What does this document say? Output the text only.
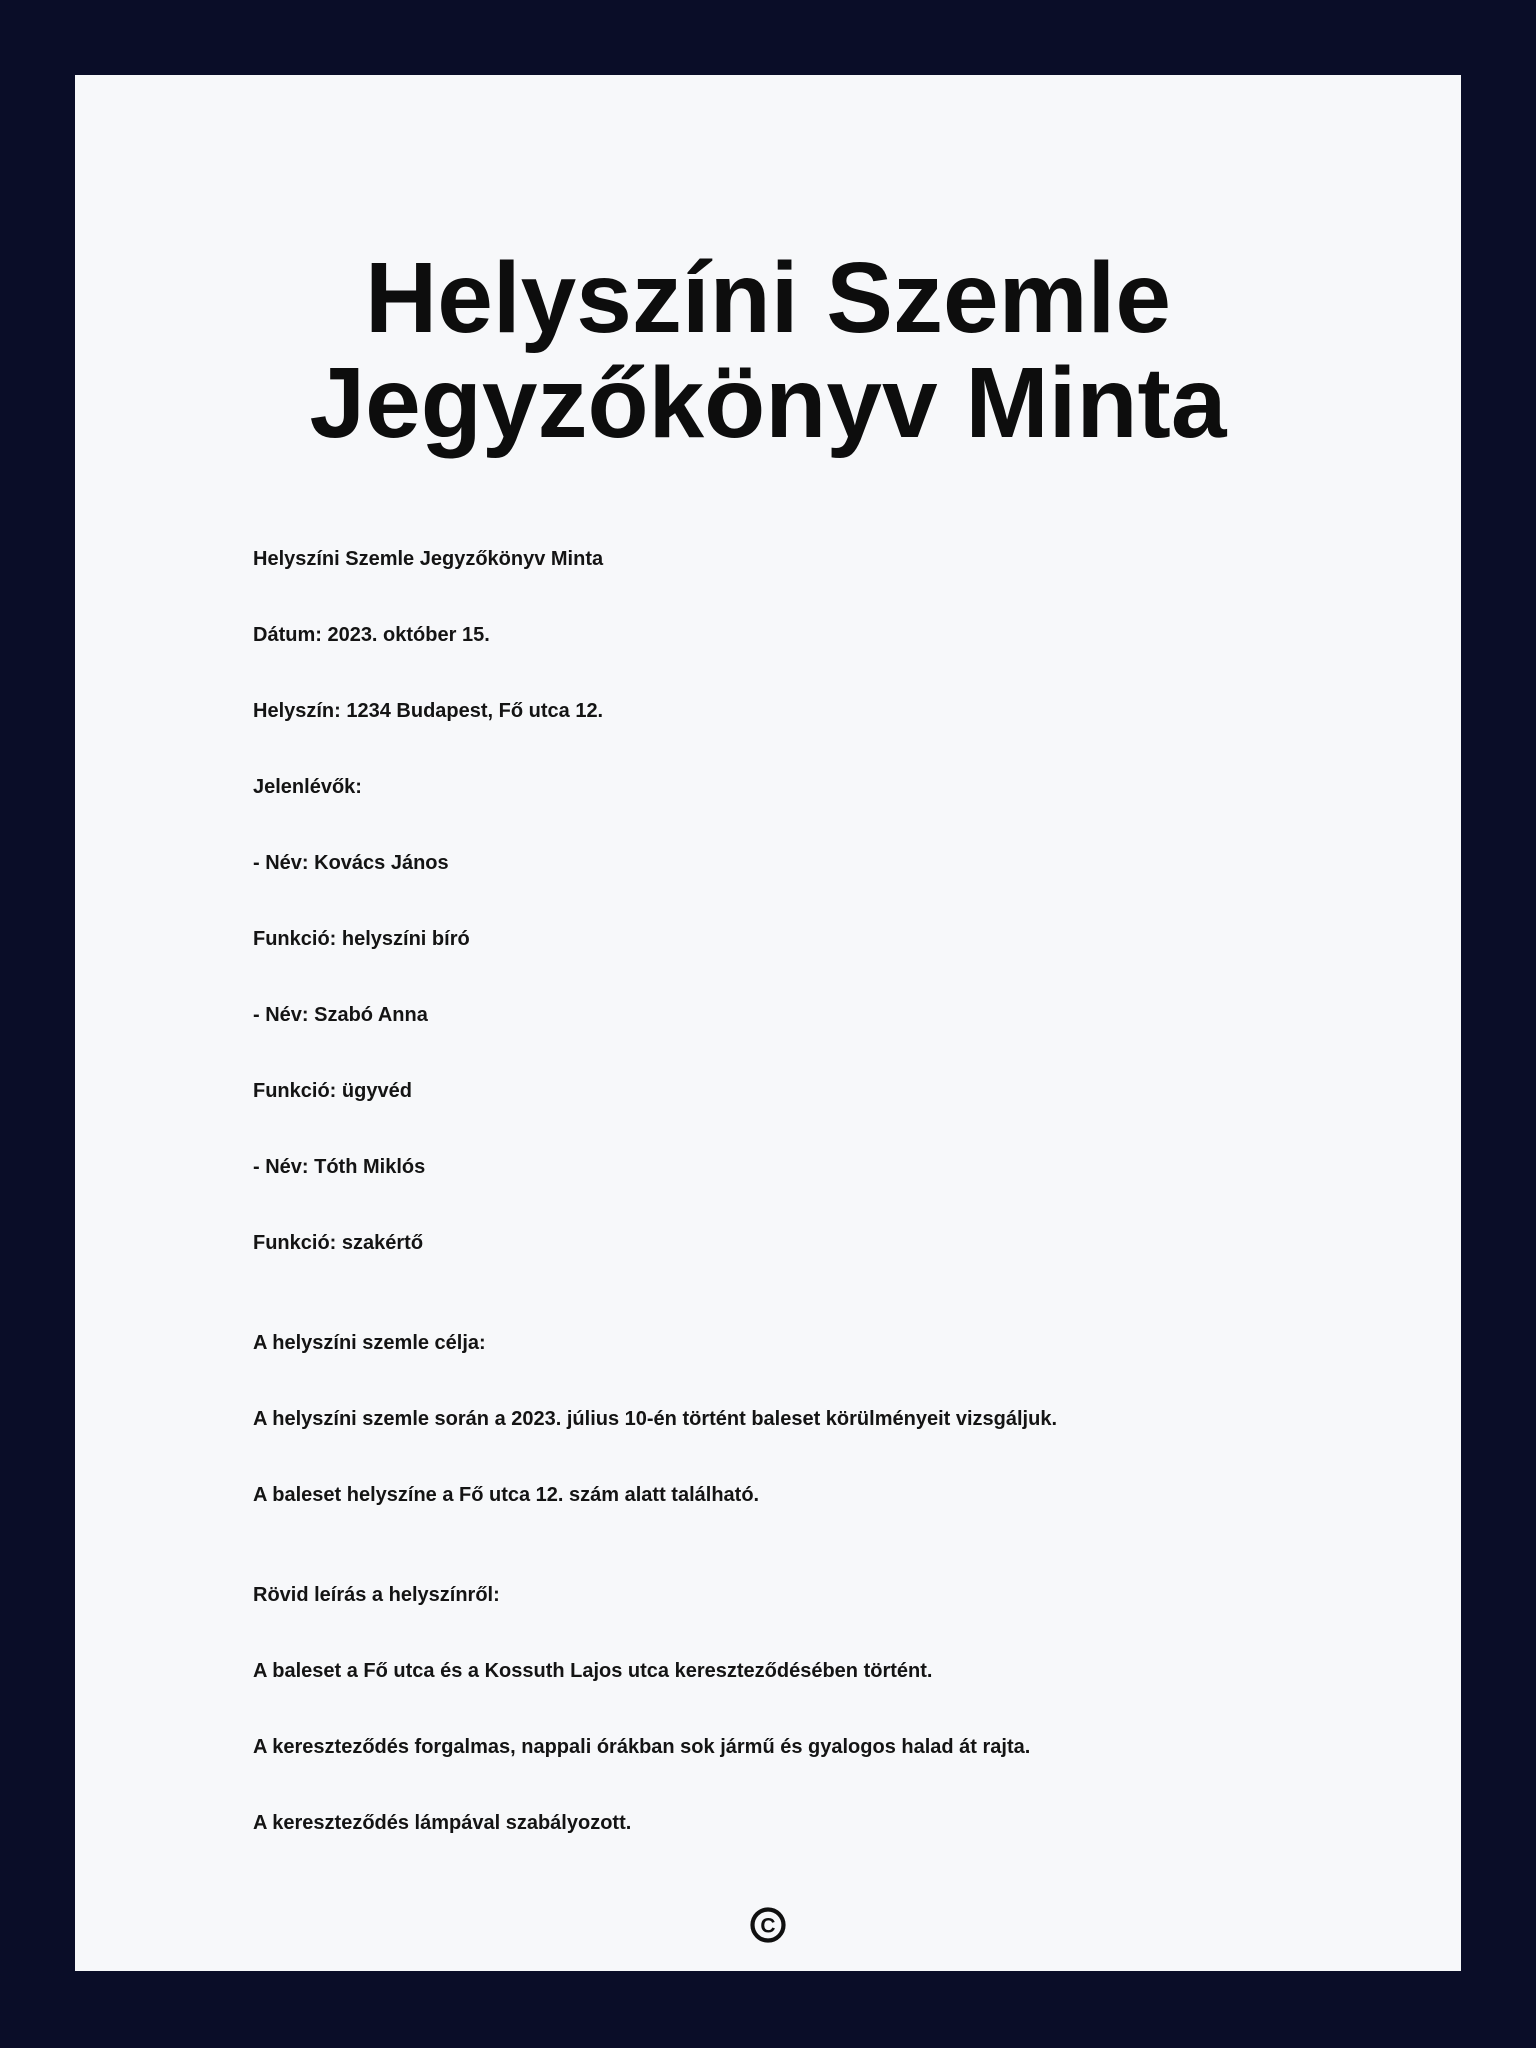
Helyszíni Szemle Jegyzőkönyv Minta

Helyszíni Szemle Jegyzőkönyv Minta

Dátum: 2023. október 15.

Helyszín: 1234 Budapest, Fő utca 12.

Jelenlévők:

- Név: Kovács János

Funkció: helyszíni bíró

- Név: Szabó Anna

Funkció: ügyvéd

- Név: Tóth Miklós

Funkció: szakértő

A helyszíni szemle célja:

A helyszíni szemle során a 2023. július 10-én történt baleset körülményeit vizsgáljuk.

A baleset helyszíne a Fő utca 12. szám alatt található.

Rövid leírás a helyszínről:

A baleset a Fő utca és a Kossuth Lajos utca kereszteződésében történt.

A kereszteződés forgalmas, nappali órákban sok jármű és gyalogos halad át rajta.

A kereszteződés lámpával szabályozott.

C
